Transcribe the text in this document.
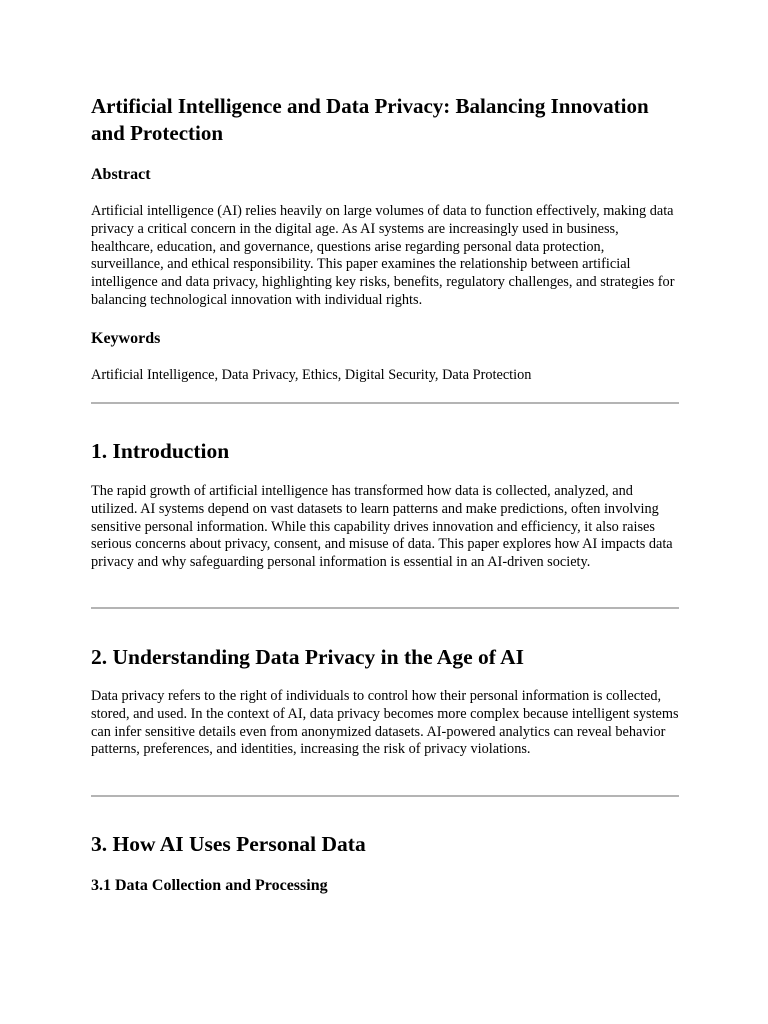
Artificial Intelligence and Data Privacy: Balancing Innovation and Protection
Abstract

Artificial intelligence (AI) relies heavily on large volumes of data to function effectively, making data privacy a critical concern in the digital age. As AI systems are increasingly used in business, healthcare, education, and governance, questions arise regarding personal data protection, surveillance, and ethical responsibility. This paper examines the relationship between artificial intelligence and data privacy, highlighting key risks, benefits, regulatory challenges, and strategies for balancing technological innovation with individual rights.

Keywords

Artificial Intelligence, Data Privacy, Ethics, Digital Security, Data Protection

1. Introduction

The rapid growth of artificial intelligence has transformed how data is collected, analyzed, and utilized. AI systems depend on vast datasets to learn patterns and make predictions, often involving sensitive personal information. While this capability drives innovation and efficiency, it also raises serious concerns about privacy, consent, and misuse of data. This paper explores how AI impacts data privacy and why safeguarding personal information is essential in an AI-driven society.

2. Understanding Data Privacy in the Age of AI

Data privacy refers to the right of individuals to control how their personal information is collected, stored, and used. In the context of AI, data privacy becomes more complex because intelligent systems can infer sensitive details even from anonymized datasets. AI-powered analytics can reveal behavior patterns, preferences, and identities, increasing the risk of privacy violations.

3. How AI Uses Personal Data
3.1 Data Collection and Processing
